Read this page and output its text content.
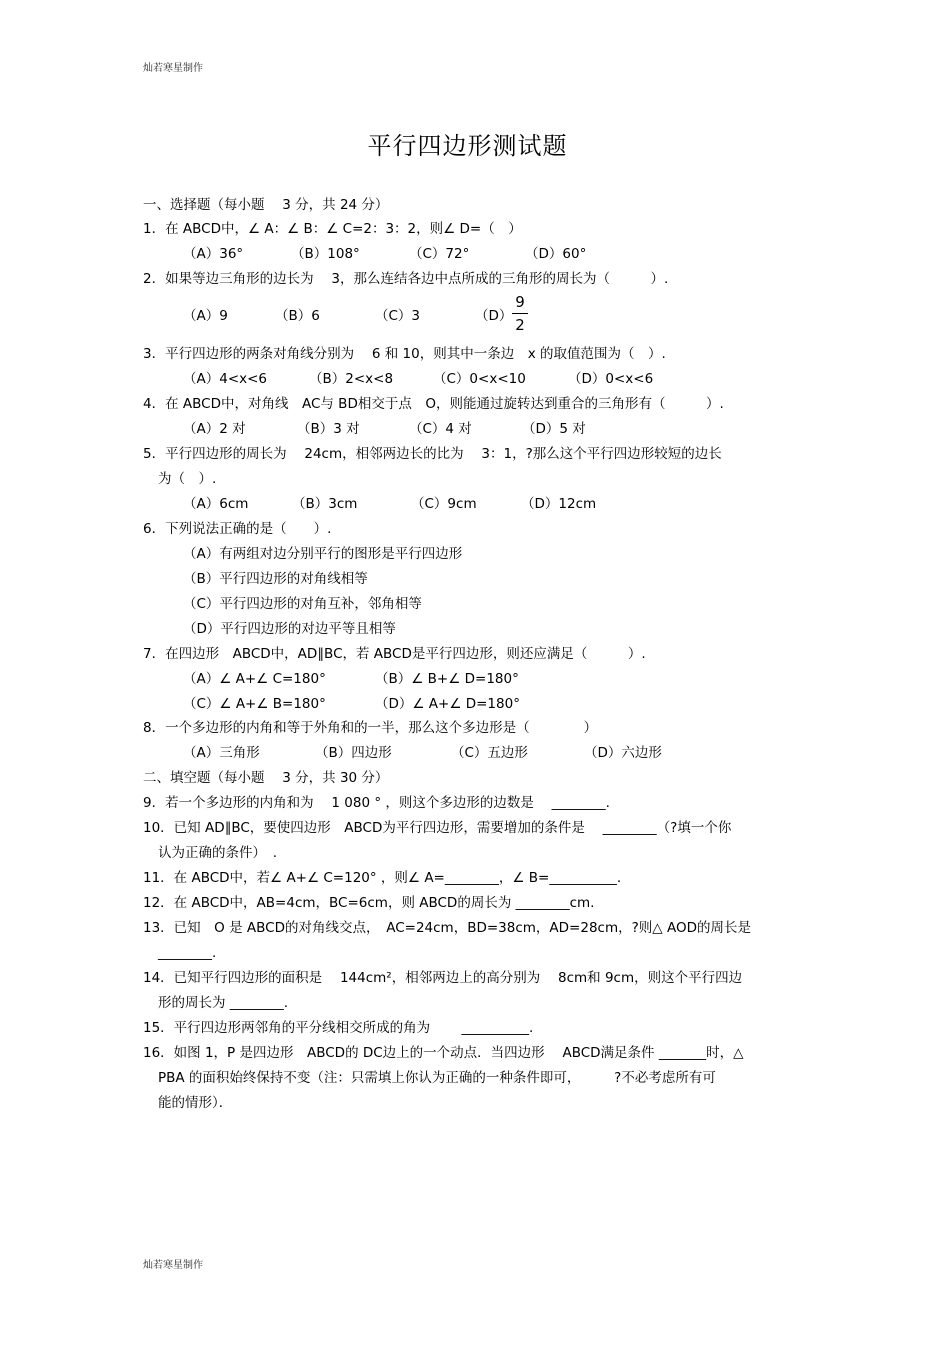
灿若寒星制作
平行四边形测试题
一、选择题（每小题　 3 分，共 24 分）
1．在 ABCD中，∠ A：∠ B：∠ C=2：3：2，则∠ D=（　）
（A）36°	（B）108°	（C）72°	（D）60°
2．如果等边三角形的边长为　 3，那么连结各边中点所成的三角形的周长为（　　　）.
（A）9	（B）6	（C）3	（D）
9
2
3．平行四边形的两条对角线分别为　 6 和 10，则其中一条边　x 的取值范围为（　）.
（A）4<x<6	（B）2<x<8	（C）0<x<10	（D）0<x<6
4．在 ABCD中，对角线　AC与 BD相交于点　O，则能通过旋转达到重合的三角形有（　　　）.
（A）2 对	（B）3 对	（C）4 对	（D）5 对
5．平行四边形的周长为　 24cm，相邻两边长的比为　 3：1，?那么这个平行四边形较短的边长
为（　）.
（A）6cm	（B）3cm	（C）9cm	（D）12cm
6．下列说法正确的是（　　）.
（A）有两组对边分别平行的图形是平行四边形
（B）平行四边形的对角线相等
（C）平行四边形的对角互补，邻角相等
（D）平行四边形的对边平等且相等
7．在四边形　ABCD中，AD∥BC，若 ABCD是平行四边形，则还应满足（　　　）.
（A）∠ A+∠ C=180°	（B）∠ B+∠ D=180°
（C）∠ A+∠ B=180°	（D）∠ A+∠ D=180°
8．一个多边形的内角和等于外角和的一半，那么这个多边形是（　　　　）
（A）三角形	（B）四边形	（C）五边形	（D）六边形
二、填空题（每小题　 3 分，共 30 分）
9．若一个多边形的内角和为　 1 080 ° ，则这个多边形的边数是　 ________.
10．已知 AD∥BC，要使四边形　ABCD为平行四边形，需要增加的条件是　 ________（?填一个你
认为正确的条件）　.
11．在 ABCD中，若∠ A+∠ C=120° ，则∠ A=________，∠ B=__________.
12．在 ABCD中，AB=4cm，BC=6cm，则 ABCD的周长为 ________cm.
13．已知　O 是 ABCD的对角线交点，　AC=24cm，BD=38cm，AD=28cm，?则△ AOD的周长是
________.
14．已知平行四边形的面积是　 144cm²，相邻两边上的高分别为　 8cm和 9cm，则这个平行四边
形的周长为 ________.
15．平行四边形两邻角的平分线相交所成的角为　　 __________.
16．如图 1，P 是四边形　ABCD的 DC边上的一个动点．当四边形　 ABCD满足条件 _______时，△
PBA 的面积始终保持不变（注：只需填上你认为正确的一种条件即可，　　　?不必考虑所有可
能的情形）．
灿若寒星制作
